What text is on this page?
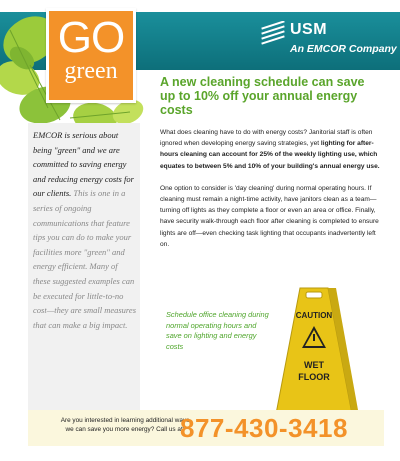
USM
An EMCOR Company
GO
green	A new cleaning schedule can save up to 10% off your annual energy costs

EMCOR is serious about being "green" and we are committed to saving energy and reducing energy costs for our clients. This is one in a series of ongoing communications that feature tips you can do to make your facilities more "green" and energy efficient. Many of these suggested examples can be executed for little-to-no cost—they are small measures that can make a big impact.

What does cleaning have to do with energy costs? Janitorial staff is often ignored when developing energy saving strategies, yet lighting for after-hours cleaning can account for 25% of the weekly lighting use, which equates to between 5% and 10% of your building's annual energy use.

One option to consider is 'day cleaning' during normal operating hours. If cleaning must remain a night-time activity, have janitors clean as a team—turning off lights as they complete a floor or even an area or office. Finally, have security walk-through each floor after cleaning is completed to ensure lights are off—even checking task lighting that occupants inadvertently left on.

Schedule office cleaning during normal operating hours and save on lighting and energy costs

CAUTION
WET
FLOOR

Are you interested in learning additional ways we can save you more energy? Call us at:

877-430-3418
